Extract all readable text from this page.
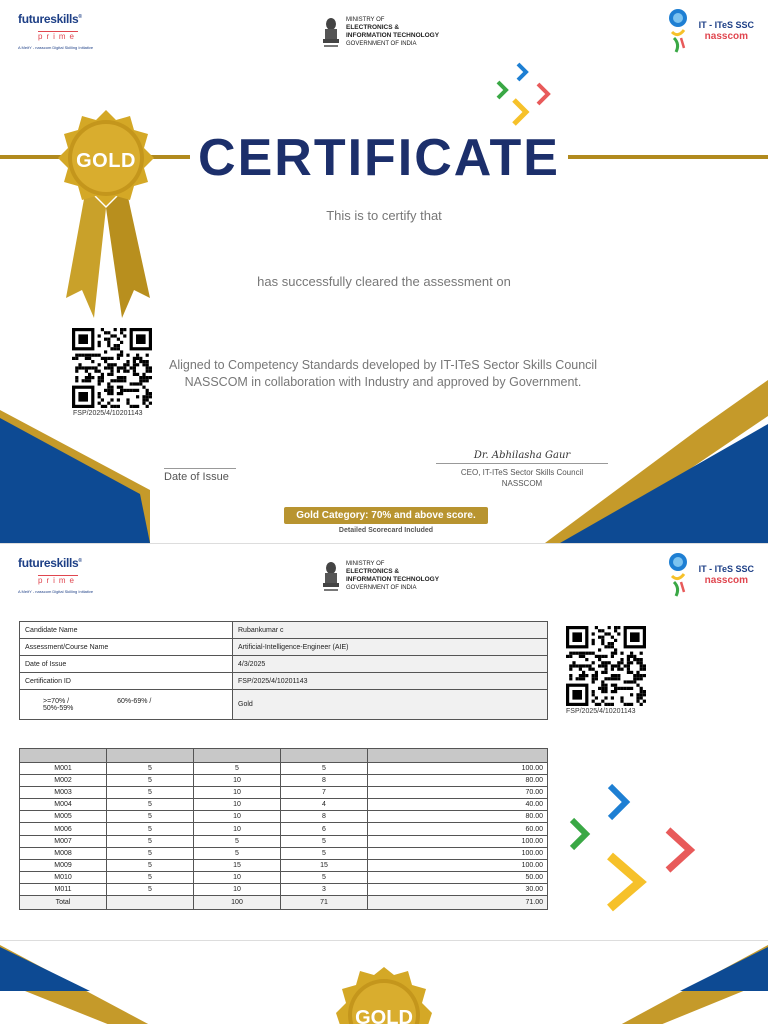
futureskills®
prime
A MeitY - nasscom Digital Skilling Initiative
MINISTRY OF
ELECTRONICS &
INFORMATION TECHNOLOGY
GOVERNMENT OF INDIA
IT - ITeS SSC
nasscom
GOLD	CERTIFICATE
This is to certify that
has successfully cleared the assessment on
FSP/2025/4/10201143
Aligned to Competency Standards developed by IT-ITeS Sector Skills Council
NASSCOM in collaboration with Industry and approved by Government.
Date of Issue
Dr. Abhilasha Gaur
CEO, IT-ITeS Sector Skills Council
NASSCOM
Gold Category: 70% and above score.
Detailed Scorecard Included
futureskills®
prime
A MeitY - nasscom Digital Skilling Initiative
MINISTRY OF
ELECTRONICS &
INFORMATION TECHNOLOGY
GOVERNMENT OF INDIA
IT - ITeS SSC
nasscom
Candidate Name	Rubankumar c
Assessment/Course Name	Artificial-Intelligence-Engineer (AIE)
Date of Issue	4/3/2025
Certification ID	FSP/2025/4/10201143
>=70% / 60%-69% /50%-59%	Gold
FSP/2025/4/10201143

M001	5	5	5	100.00
M002	5	10	8	80.00
M003	5	10	7	70.00
M004	5	10	4	40.00
M005	5	10	8	80.00
M006	5	10	6	60.00
M007	5	5	5	100.00
M008	5	5	5	100.00
M009	5	15	15	100.00
M010	5	10	5	50.00
M011	5	10	3	30.00
Total		100	71	71.00
GOLD
